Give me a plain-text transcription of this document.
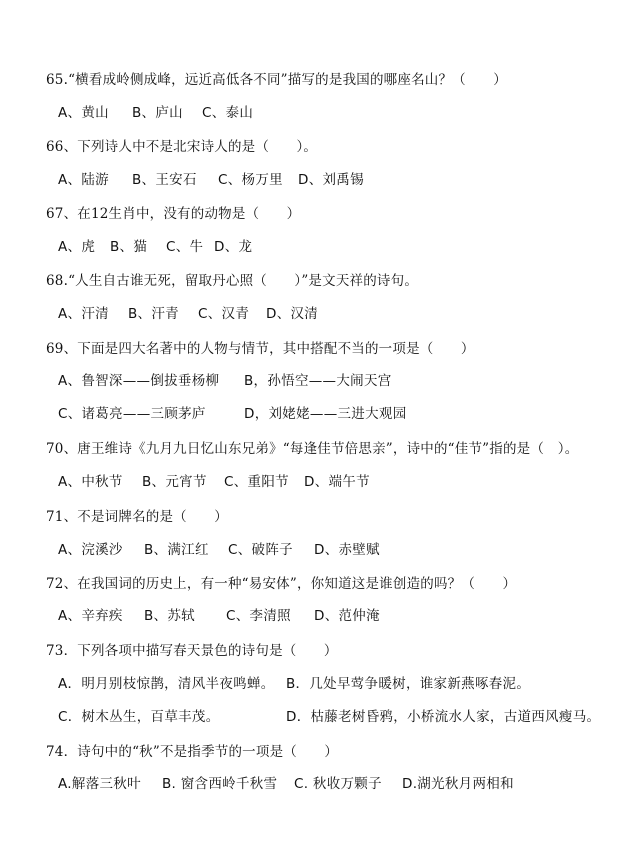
65.“横看成岭侧成峰，远近高低各不同”描写的是我国的哪座名山？（　　）
A、黄山 B、庐山 C、泰山
66、下列诗人中不是北宋诗人的是（　　）。
A、陆游 B、王安石 C、杨万里 D、刘禹锡
67、在12生肖中，没有的动物是（　　）
A、虎 B、猫 C、牛 D、龙
68.“人生自古谁无死，留取丹心照（　　）”是文天祥的诗句。
A、汗清 B、汗青 C、汉青 D、汉清
69、下面是四大名著中的人物与情节，其中搭配不当的一项是（　　）
A、鲁智深——倒拔垂杨柳 B，孙悟空——大闹天宫
C、诸葛亮——三顾茅庐	D，刘姥姥——三进大观园
70、唐王维诗《九月九日忆山东兄弟》“每逢佳节倍思亲”，诗中的“佳节”指的是（　）。
A、中秋节 B、元宵节 C、重阳节 D、端午节
71、不是词牌名的是（　　）
A、浣溪沙 B、满江红 C、破阵子 D、赤壁赋
72、在我国词的历史上，有一种“易安体”，你知道这是谁创造的吗？（　　）
A、辛弃疾 B、苏轼 C、李清照 D、范仲淹
73．下列各项中描写春天景色的诗句是（　　）
A．明月别枝惊鹊，清风半夜鸣蝉。 B．几处早莺争暖树，谁家新燕啄春泥。
C．树木丛生，百草丰茂。	D．枯藤老树昏鸦，小桥流水人家，古道西风瘦马。
74．诗句中的“秋”不是指季节的一项是（　　）
A.解落三秋叶 B. 窗含西岭千秋雪 C. 秋收万颗子 D.湖光秋月两相和
